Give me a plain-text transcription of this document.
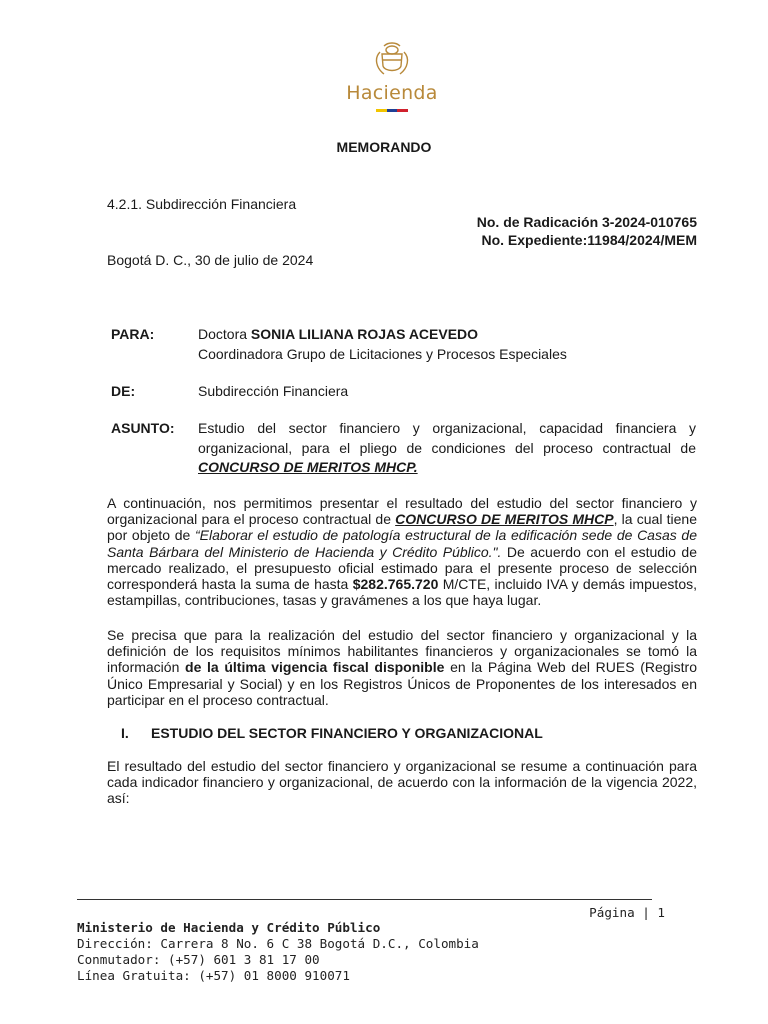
Hacienda
MEMORANDO
4.2.1. Subdirección Financiera
No. de Radicación 3-2024-010765
No. Expediente:11984/2024/MEM
Bogotá D. C., 30 de julio de 2024
PARA:	Doctora SONIA LILIANA ROJAS ACEVEDO
Coordinadora Grupo de Licitaciones y Procesos Especiales
DE:	Subdirección Financiera
ASUNTO: Estudio del sector financiero y organizacional, capacidad financiera y organizacional, para el pliego de condiciones del proceso contractual de CONCURSO DE MERITOS MHCP.
A continuación, nos permitimos presentar el resultado del estudio del sector financiero y organizacional para el proceso contractual de CONCURSO DE MERITOS MHCP, la cual tiene por objeto de “Elaborar el estudio de patología estructural de la edificación sede de Casas de Santa Bárbara del Ministerio de Hacienda y Crédito Público.". De acuerdo con el estudio de mercado realizado, el presupuesto oficial estimado para el presente proceso de selección corresponderá hasta la suma de hasta $282.765.720 M/CTE, incluido IVA y demás impuestos, estampillas, contribuciones, tasas y gravámenes a los que haya lugar.
Se precisa que para la realización del estudio del sector financiero y organizacional y la definición de los requisitos mínimos habilitantes financieros y organizacionales se tomó la información de la última vigencia fiscal disponible en la Página Web del RUES (Registro Único Empresarial y Social) y en los Registros Únicos de Proponentes de los interesados en participar en el proceso contractual.
I. ESTUDIO DEL SECTOR FINANCIERO Y ORGANIZACIONAL
El resultado del estudio del sector financiero y organizacional se resume a continuación para cada indicador financiero y organizacional, de acuerdo con la información de la vigencia 2022, así:
Página | 1
Ministerio de Hacienda y Crédito Público
Dirección: Carrera 8 No. 6 C 38 Bogotá D.C., Colombia
Conmutador: (+57) 601 3 81 17 00
Línea Gratuita: (+57) 01 8000 910071
